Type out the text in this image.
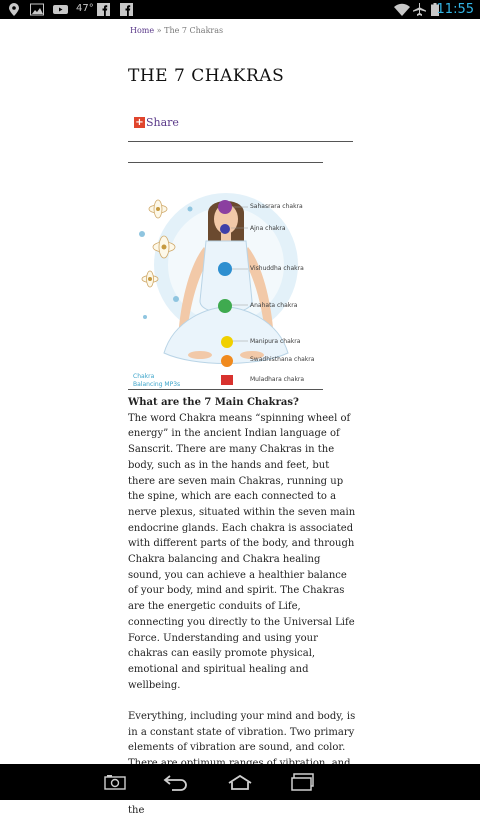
47°	11:55
Home » The 7 Chakras
THE 7 CHAKRAS
+ Share
Sahasrara chakra
Ajna chakra
Vishuddha chakra
Anahata chakra
Manipura chakra
Swadhisthana chakra
Muladhara chakra
Chakra
Balancing MP3s
What are the 7 Main Chakras?

The word Chakra means “spinning wheel of energy” in the ancient Indian language of Sanscrit. There are many Chakras in the body, such as in the hands and feet, but there are seven main Chakras, running up the spine, which are each connected to a nerve plexus, situated within the seven main endocrine glands. Each chakra is associated with different parts of the body, and through Chakra balancing and Chakra healing sound, you can achieve a healthier balance of your body, mind and spirit. The Chakras are the energetic conduits of Life, connecting you directly to the Universal Life Force. Understanding and using your chakras can easily promote physical, emotional and spiritual healing and wellbeing.

Everything, including your mind and body, is in a constant state of vibration. Two primary elements of vibration are sound, and color. the
